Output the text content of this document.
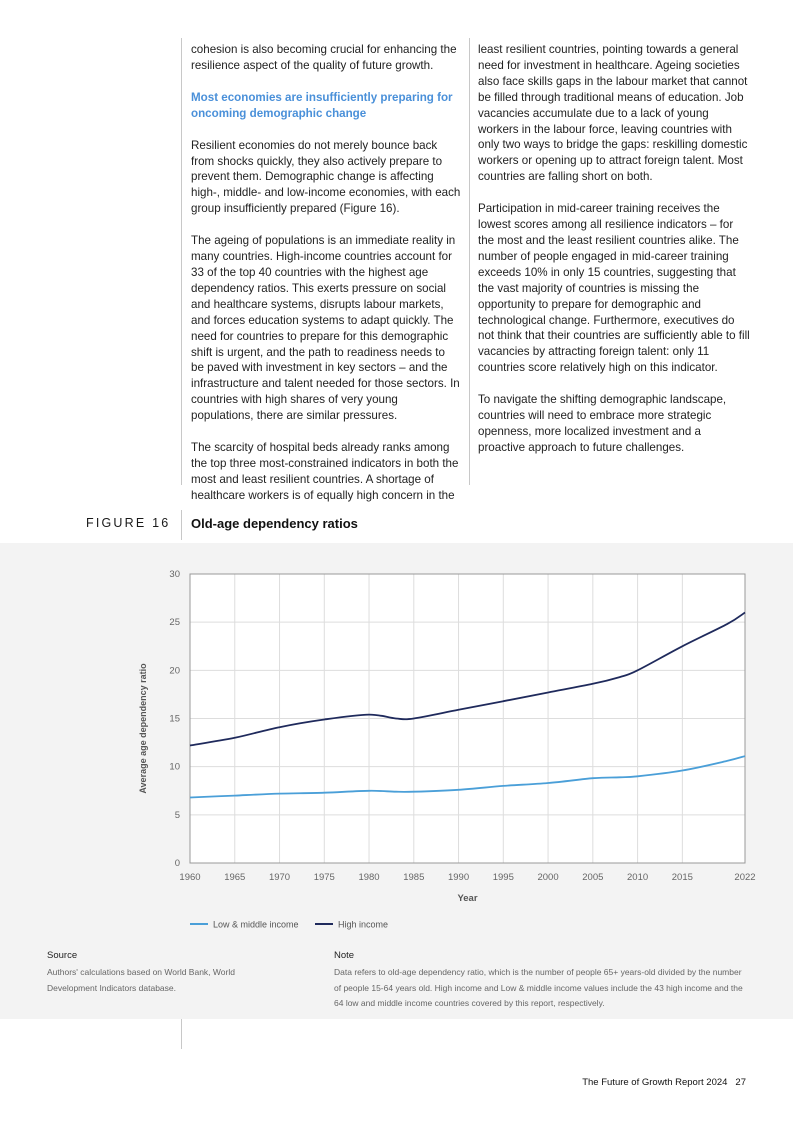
cohesion is also becoming crucial for enhancing the resilience aspect of the quality of future growth.

Most economies are insufficiently preparing for oncoming demographic change

Resilient economies do not merely bounce back from shocks quickly, they also actively prepare to prevent them. Demographic change is affecting high-, middle- and low-income economies, with each group insufficiently prepared (Figure 16).

The ageing of populations is an immediate reality in many countries. High-income countries account for 33 of the top 40 countries with the highest age dependency ratios. This exerts pressure on social and healthcare systems, disrupts labour markets, and forces education systems to adapt quickly. The need for countries to prepare for this demographic shift is urgent, and the path to readiness needs to be paved with investment in key sectors – and the infrastructure and talent needed for those sectors. In countries with high shares of very young populations, there are similar pressures.

The scarcity of hospital beds already ranks among the top three most-constrained indicators in both the most and least resilient countries. A shortage of healthcare workers is of equally high concern in the

least resilient countries, pointing towards a general need for investment in healthcare. Ageing societies also face skills gaps in the labour market that cannot be filled through traditional means of education. Job vacancies accumulate due to a lack of young workers in the labour force, leaving countries with only two ways to bridge the gaps: reskilling domestic workers or opening up to attract foreign talent. Most countries are falling short on both.

Participation in mid-career training receives the lowest scores among all resilience indicators – for the most and the least resilient countries alike. The number of people engaged in mid-career training exceeds 10% in only 15 countries, suggesting that the vast majority of countries is missing the opportunity to prepare for demographic and technological change. Furthermore, executives do not think that their countries are sufficiently able to fill vacancies by attracting foreign talent: only 11 countries score relatively high on this indicator.

To navigate the shifting demographic landscape, countries will need to embrace more strategic openness, more localized investment and a proactive approach to future challenges.

FIGURE 16 Old-age dependency ratios
1960 1965 1970 1975 1980 1985 1990 1995 2000 2005 2010 2015	2022
0
5
10
15
20
25
30
Year
Average age dependency ratio
Low & middle income	High income
Source
Authors' calculations based on World Bank, World Development Indicators database.
Note
Data refers to old-age dependency ratio, which is the number of people 65+ years-old divided by the number of people 15-64 years old. High income and Low & middle income values include the 43 high income and the 64 low and middle income countries covered by this report, respectively.
The Future of Growth Report 2024 27
